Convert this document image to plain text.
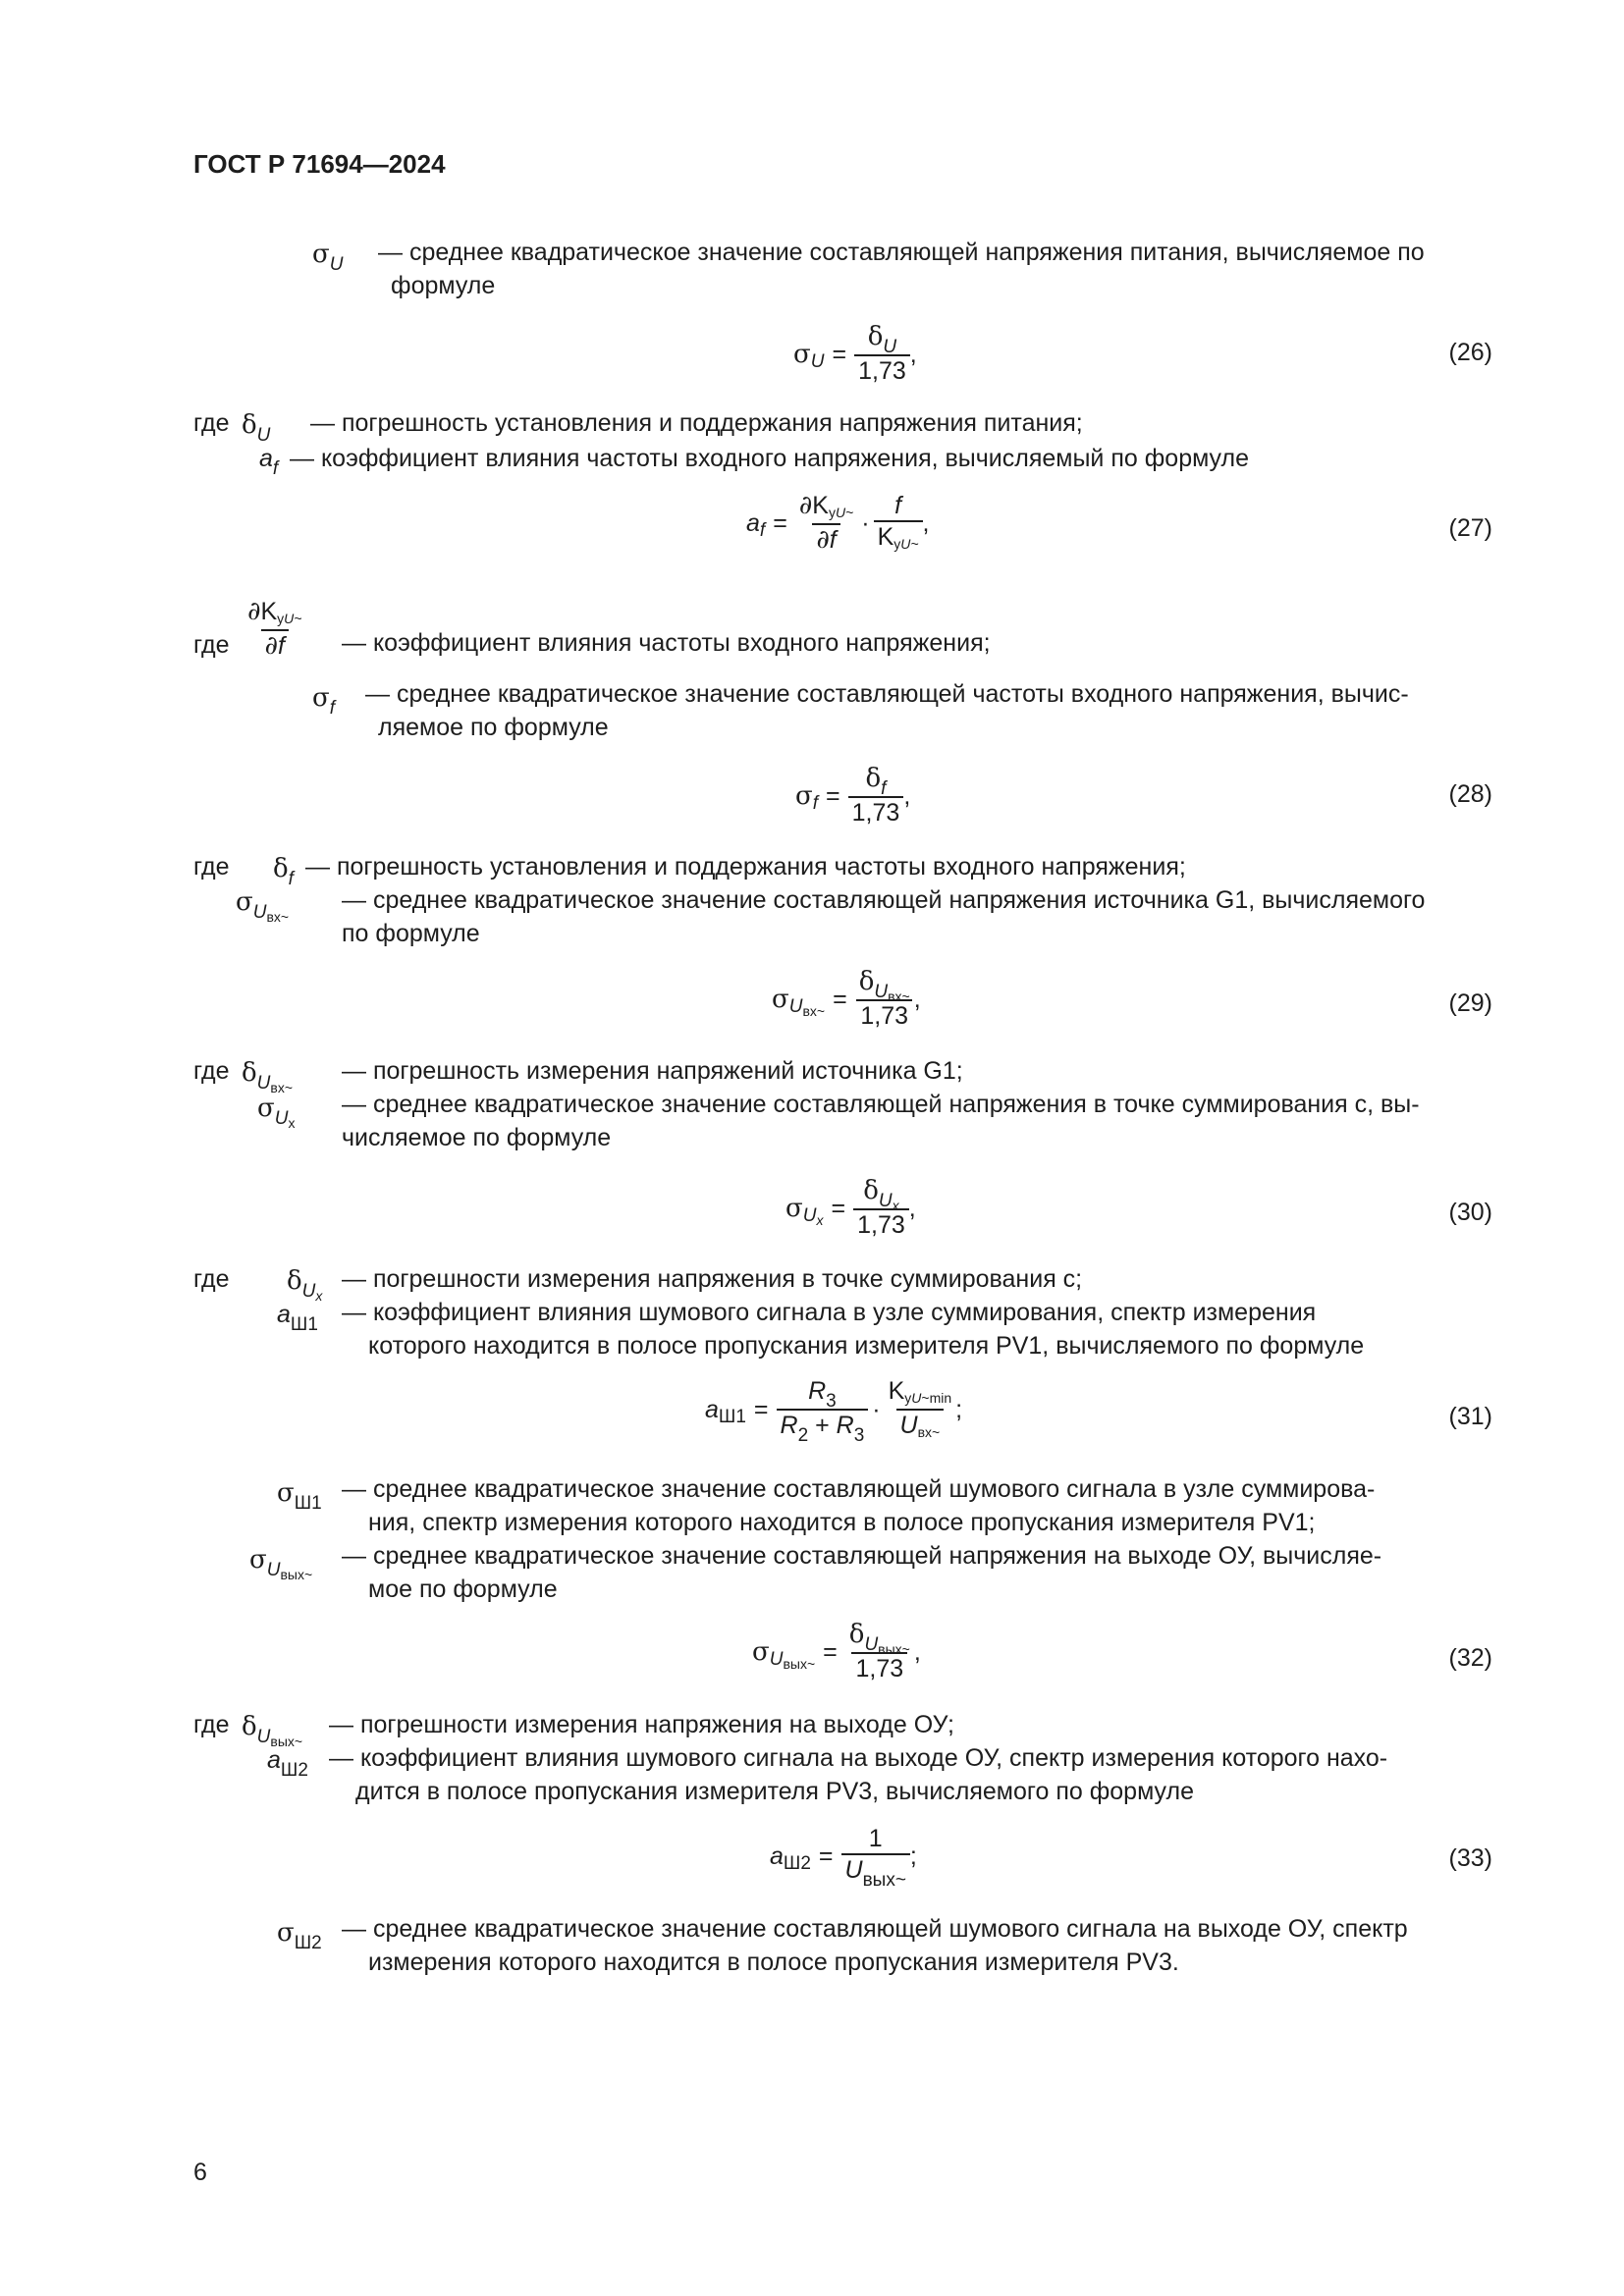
ГОСТ Р 71694—2024
$\sigma_U$ — среднее квадратическое значение составляющей напряжения питания, вычисляемое по
формуле
σ $U = \frac{\delta_U}{1,73}$ ,	(26)
где $\delta_U$ — погрешность установления и поддержания напряжения питания;
$a_f$ — коэффициент влияния частоты входного напряжения, вычисляемый по формуле
a $f = \frac{\text{∂KyU\textasciitilde{}}}{\partial f} \cdot \frac{f}{\text{KyU\textasciitilde{}}}$ ,	(27)
где $\frac{\text{∂KyU\textasciitilde{}}}{\partial f}$ — коэффициент влияния частоты входного напряжения;
$\sigma_f$
— среднее квадратическое значение составляющей частоты входного напряжения, вычис-
ляемое по формуле
σ $f = \frac{\delta_f}{1,73}$ ,	(28)
где $\delta_f$ — погрешность установления и поддержания частоты входного напряжения;
$\sigma_{Uвх\sim}$
— среднее квадратическое значение составляющей напряжения источника G1, вычисляемого
по формуле
σ U вх~ = $\frac{\delta_{Uвх\sim}}{1,73}$ ,	(29)
где $\delta_{Uвх\sim}$
— погрешность измерения напряжений источника G1;
$\sigma_{Ux}$
— среднее квадратическое значение составляющей напряжения в точке суммирования с, вы-
числяемое по формуле
σ U $x = \frac{\delta_{Ux}}{1,73}$ ,	(30)
где $\delta_{Ux}$
— погрешности измерения напряжения в точке суммирования с;
$a_{Ш1}$ — коэффициент влияния шумового сигнала в узле суммирования, спектр измерения
которого находится в полосе пропускания измерителя PV1, вычисляемого по формуле
a $Ш1 = \frac{R_3}{R_2 + R_3} \cdot \frac{\text{KyU\textasciitilde{}min}}{\text{Uвх\textasciitilde{}}}$ ;	(31)
$\sigma_{Ш1}$
— среднее квадратическое значение составляющей шумового сигнала в узле суммирова-
ния, спектр измерения которого находится в полосе пропускания измерителя PV1;
$\sigma_{Uвых\sim}$
— среднее квадратическое значение составляющей напряжения на выходе ОУ, вычисляе-
мое по формуле
σ U вых~ = $\frac{\delta_{Uвых\sim}}{1,73}$ ,	(32)
где $\delta_{Uвых\sim}$
— погрешности измерения напряжения на выходе ОУ;
$a_{Ш2}$ — коэффициент влияния шумового сигнала на выходе ОУ, спектр измерения которого нахо-
дится в полосе пропускания измерителя PV3, вычисляемого по формуле
a $Ш2 = \frac{1}{U_{вых\sim}}$ ;	(33)
$\sigma_{Ш2}$
— среднее квадратическое значение составляющей шумового сигнала на выходе ОУ, спектр
измерения которого находится в полосе пропускания измерителя PV3.
6
